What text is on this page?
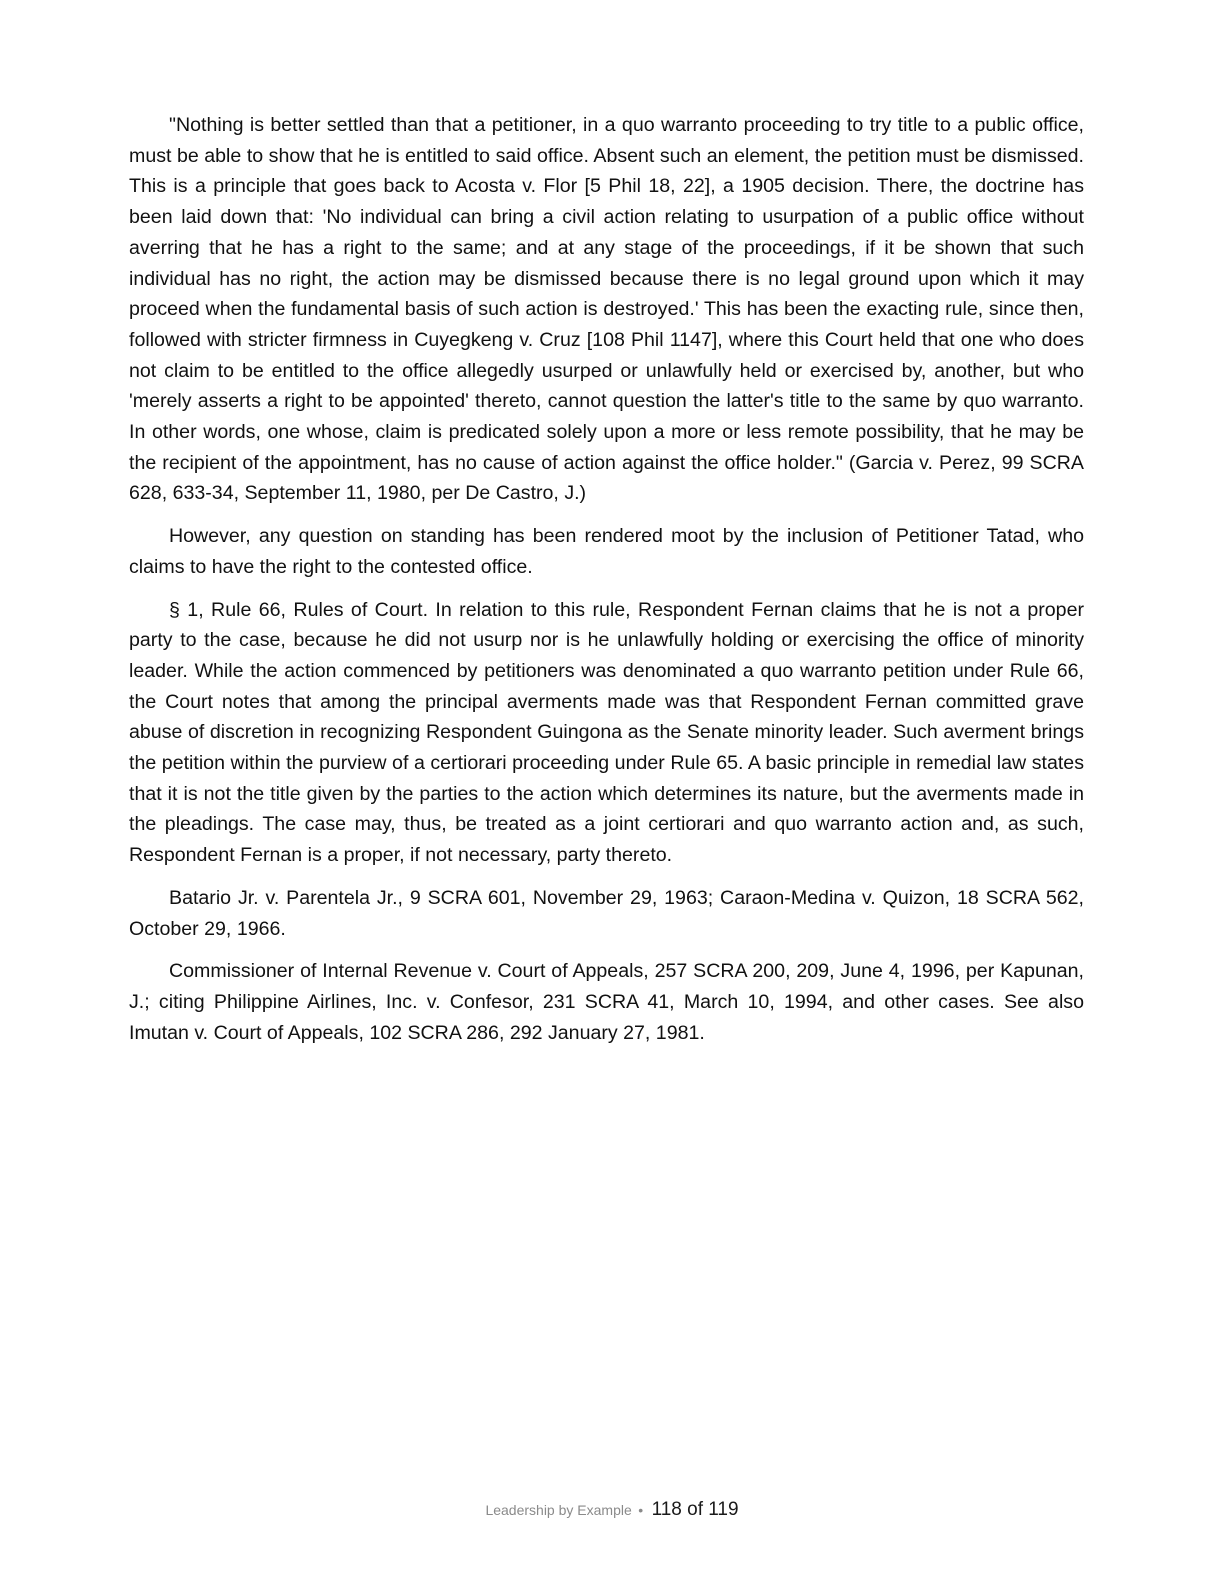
"Nothing is better settled than that a petitioner, in a quo warranto proceeding to try title to a public office, must be able to show that he is entitled to said office. Absent such an element, the petition must be dismissed. This is a principle that goes back to Acosta v. Flor [5 Phil 18, 22], a 1905 decision. There, the doctrine has been laid down that: 'No individual can bring a civil action relating to usurpation of a public office without averring that he has a right to the same; and at any stage of the proceedings, if it be shown that such individual has no right, the action may be dismissed because there is no legal ground upon which it may proceed when the fundamental basis of such action is destroyed.' This has been the exacting rule, since then, followed with stricter firmness in Cuyegkeng v. Cruz [108 Phil 1147], where this Court held that one who does not claim to be entitled to the office allegedly usurped or unlawfully held or exercised by, another, but who 'merely asserts a right to be appointed' thereto, cannot question the latter's title to the same by quo warranto. In other words, one whose, claim is predicated solely upon a more or less remote possibility, that he may be the recipient of the appointment, has no cause of action against the office holder." (Garcia v. Perez, 99 SCRA 628, 633-34, September 11, 1980, per De Castro, J.)

However, any question on standing has been rendered moot by the inclusion of Petitioner Tatad, who claims to have the right to the contested office.

§ 1, Rule 66, Rules of Court. In relation to this rule, Respondent Fernan claims that he is not a proper party to the case, because he did not usurp nor is he unlawfully holding or exercising the office of minority leader. While the action commenced by petitioners was denominated a quo warranto petition under Rule 66, the Court notes that among the principal averments made was that Respondent Fernan committed grave abuse of discretion in recognizing Respondent Guingona as the Senate minority leader. Such averment brings the petition within the purview of a certiorari proceeding under Rule 65. A basic principle in remedial law states that it is not the title given by the parties to the action which determines its nature, but the averments made in the pleadings. The case may, thus, be treated as a joint certiorari and quo warranto action and, as such, Respondent Fernan is a proper, if not necessary, party thereto.

Batario Jr. v. Parentela Jr., 9 SCRA 601, November 29, 1963; Caraon-Medina v. Quizon, 18 SCRA 562, October 29, 1966.

Commissioner of Internal Revenue v. Court of Appeals, 257 SCRA 200, 209, June 4, 1996, per Kapunan, J.; citing Philippine Airlines, Inc. v. Confesor, 231 SCRA 41, March 10, 1994, and other cases. See also Imutan v. Court of Appeals, 102 SCRA 286, 292 January 27, 1981.

Leadership by Example • 118 of 119
